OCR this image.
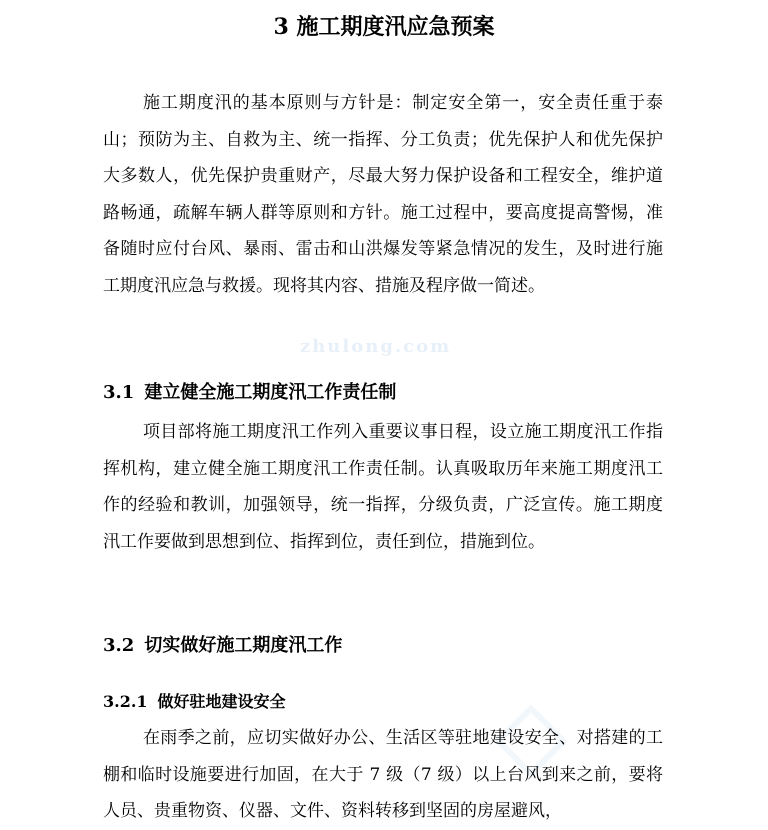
zhulong.com
3 施工期度汛应急预案

施工期度汛的基本原则与方针是：制定安全第一，安全责任重于泰山；预防为主、自救为主、统一指挥、分工负责；优先保护人和优先保护大多数人，优先保护贵重财产，尽最大努力保护设备和工程安全，维护道路畅通，疏解车辆人群等原则和方针。施工过程中，要高度提高警惕，准备随时应付台风、暴雨、雷击和山洪爆发等紧急情况的发生，及时进行施工期度汛应急与救援。现将其内容、措施及程序做一简述。

3.1 建立健全施工期度汛工作责任制

项目部将施工期度汛工作列入重要议事日程，设立施工期度汛工作指挥机构，建立健全施工期度汛工作责任制。认真吸取历年来施工期度汛工作的经验和教训，加强领导，统一指挥，分级负责，广泛宣传。施工期度汛工作要做到思想到位、指挥到位，责任到位，措施到位。

3.2 切实做好施工期度汛工作
3.2.1 做好驻地建设安全

在雨季之前，应切实做好办公、生活区等驻地建设安全、对搭建的工棚和临时设施要进行加固，在大于 7 级（7 级）以上台风到来之前，要将人员、贵重物资、仪器、文件、资料转移到坚固的房屋避风，
